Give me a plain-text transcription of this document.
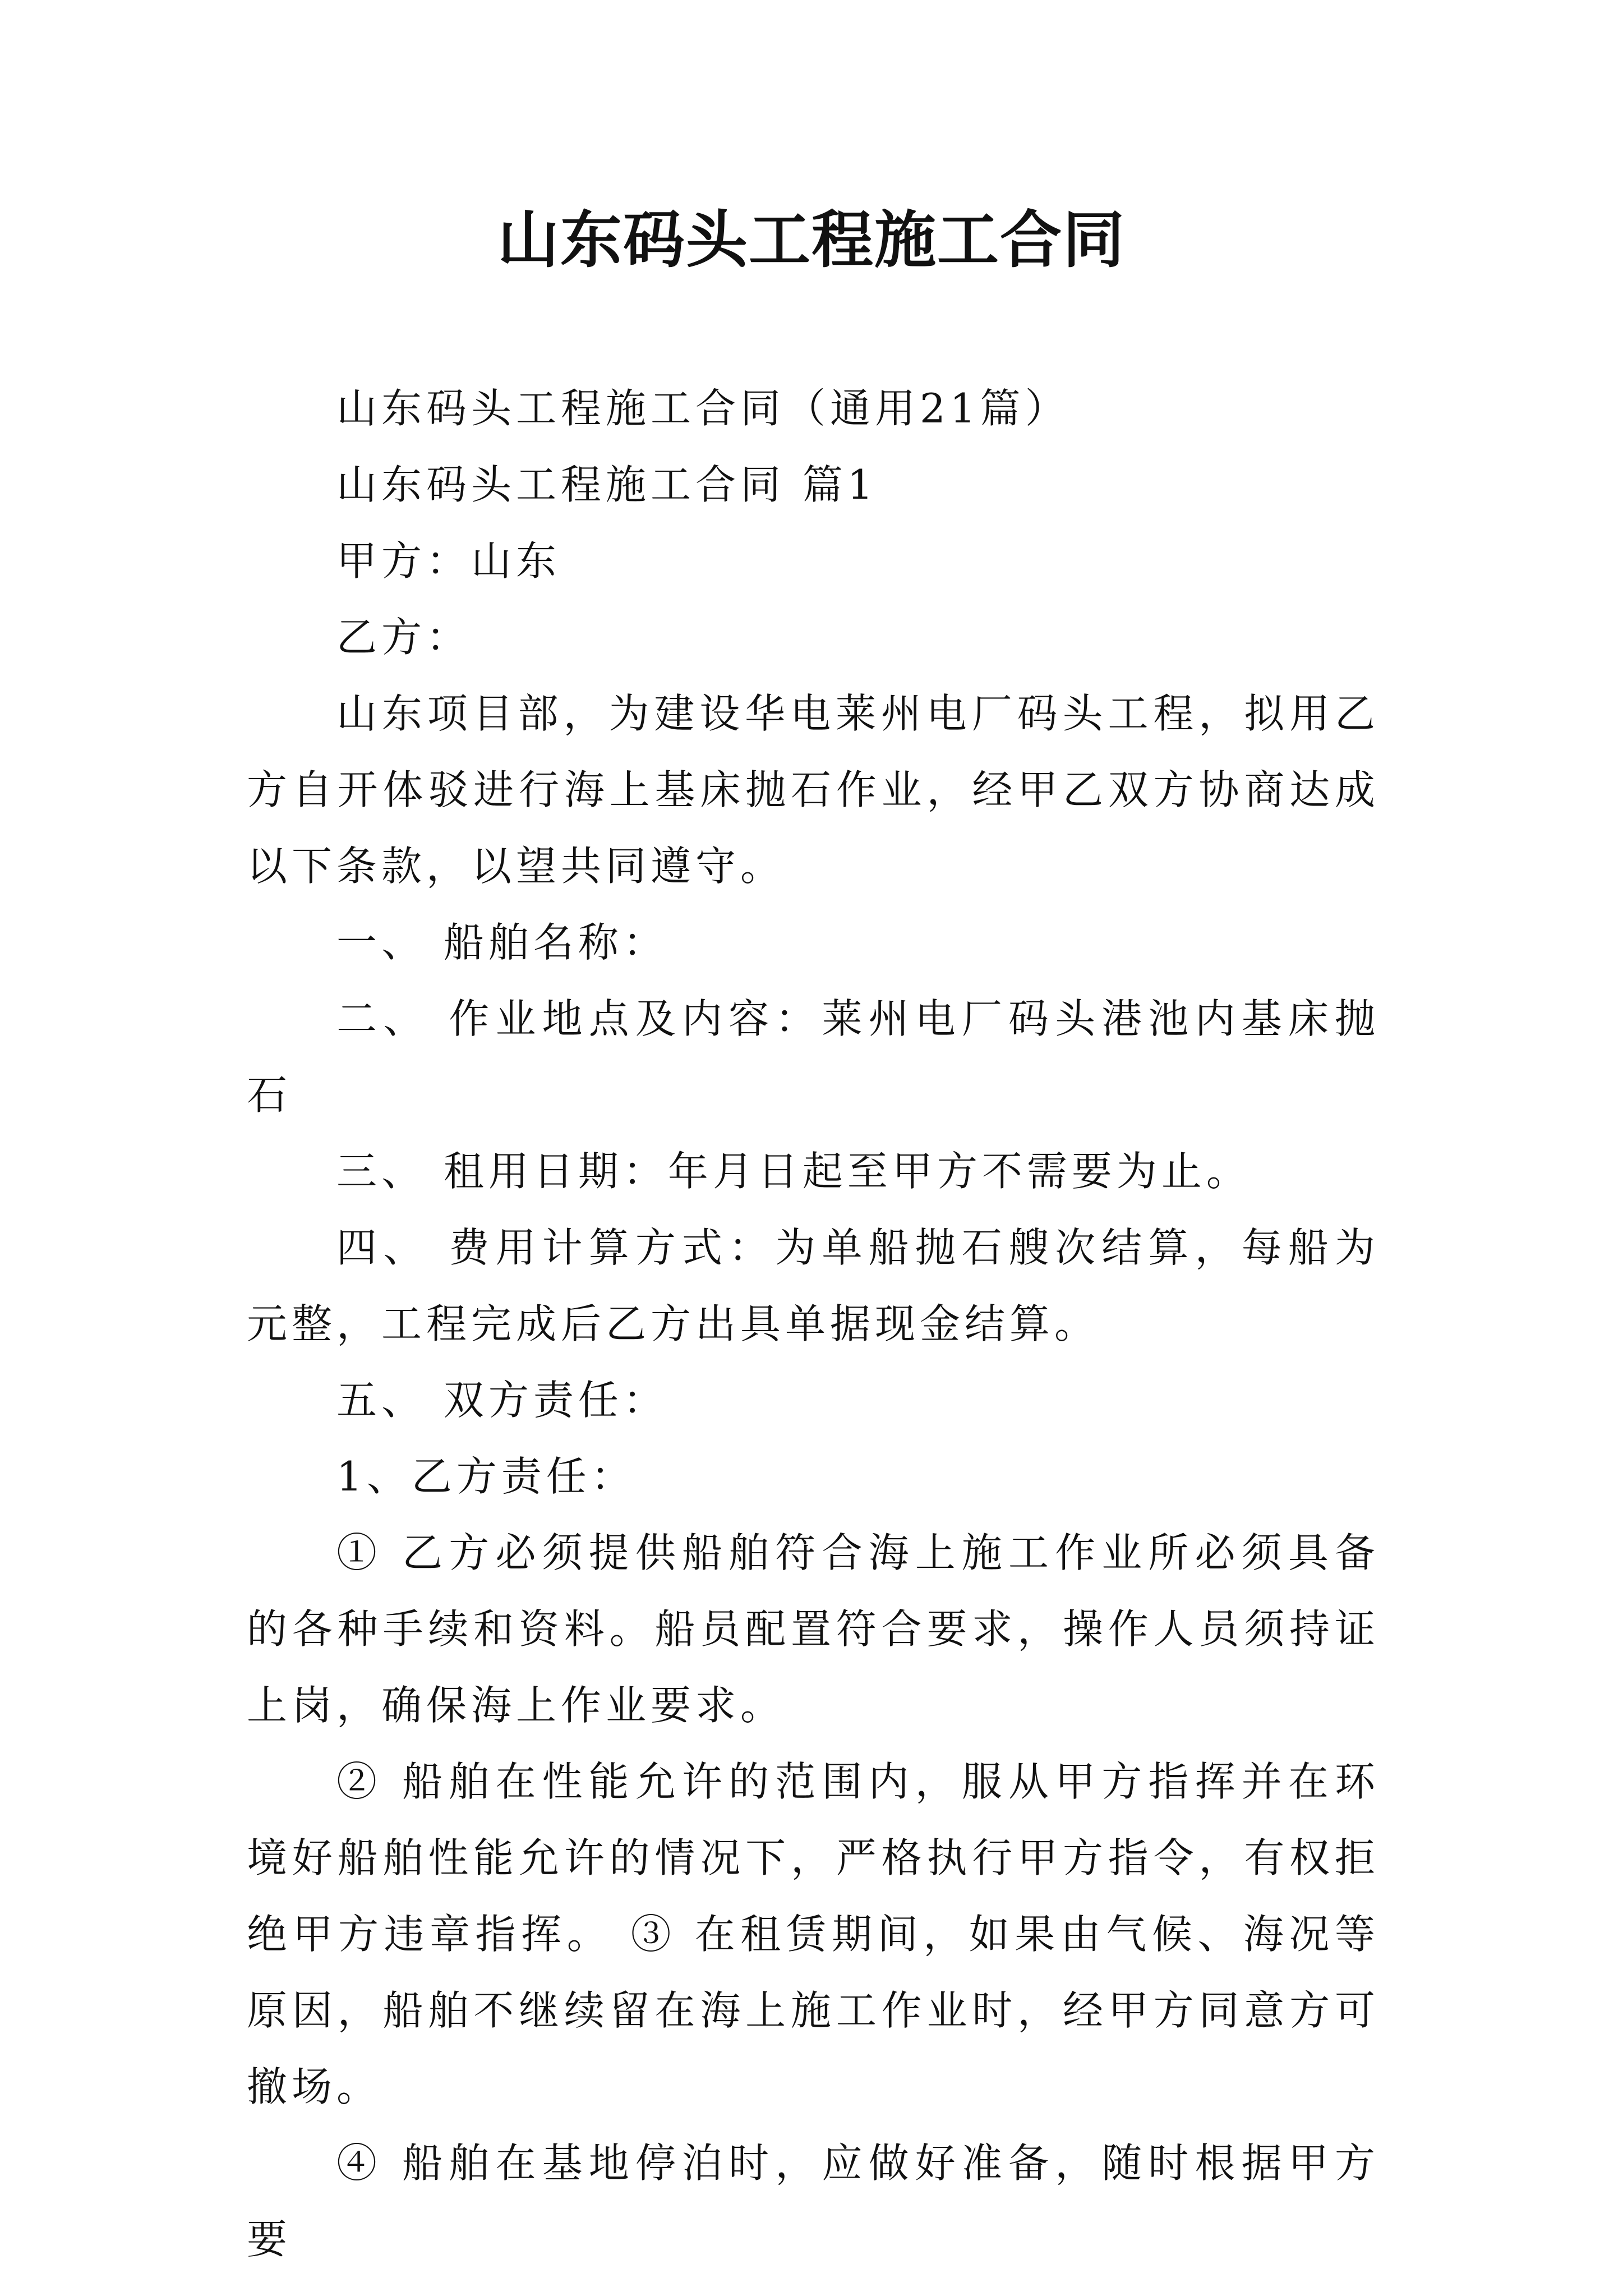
山东码头工程施工合同

山东码头工程施工合同（通用21篇）

山东码头工程施工合同 篇1

甲方：山东

乙方：

山东项目部，为建设华电莱州电厂码头工程，拟用乙方自开体驳进行海上基床抛石作业，经甲乙双方协商达成以下条款，以望共同遵守。

一、 船舶名称：

二、 作业地点及内容：莱州电厂码头港池内基床抛石

三、 租用日期：年月日起至甲方不需要为止。

四、 费用计算方式：为单船抛石艘次结算，每船为元整，工程完成后乙方出具单据现金结算。

五、 双方责任：

1、乙方责任：

① 乙方必须提供船舶符合海上施工作业所必须具备的各种手续和资料。船员配置符合要求，操作人员须持证上岗，确保海上作业要求。

② 船舶在性能允许的范围内，服从甲方指挥并在环境好船舶性能允许的情况下，严格执行甲方指令，有权拒绝甲方违章指挥。 ③ 在租赁期间，如果由气候、海况等原因，船舶不继续留在海上施工作业时，经甲方同意方可撤场。

④ 船舶在基地停泊时，应做好准备，随时根据甲方要
